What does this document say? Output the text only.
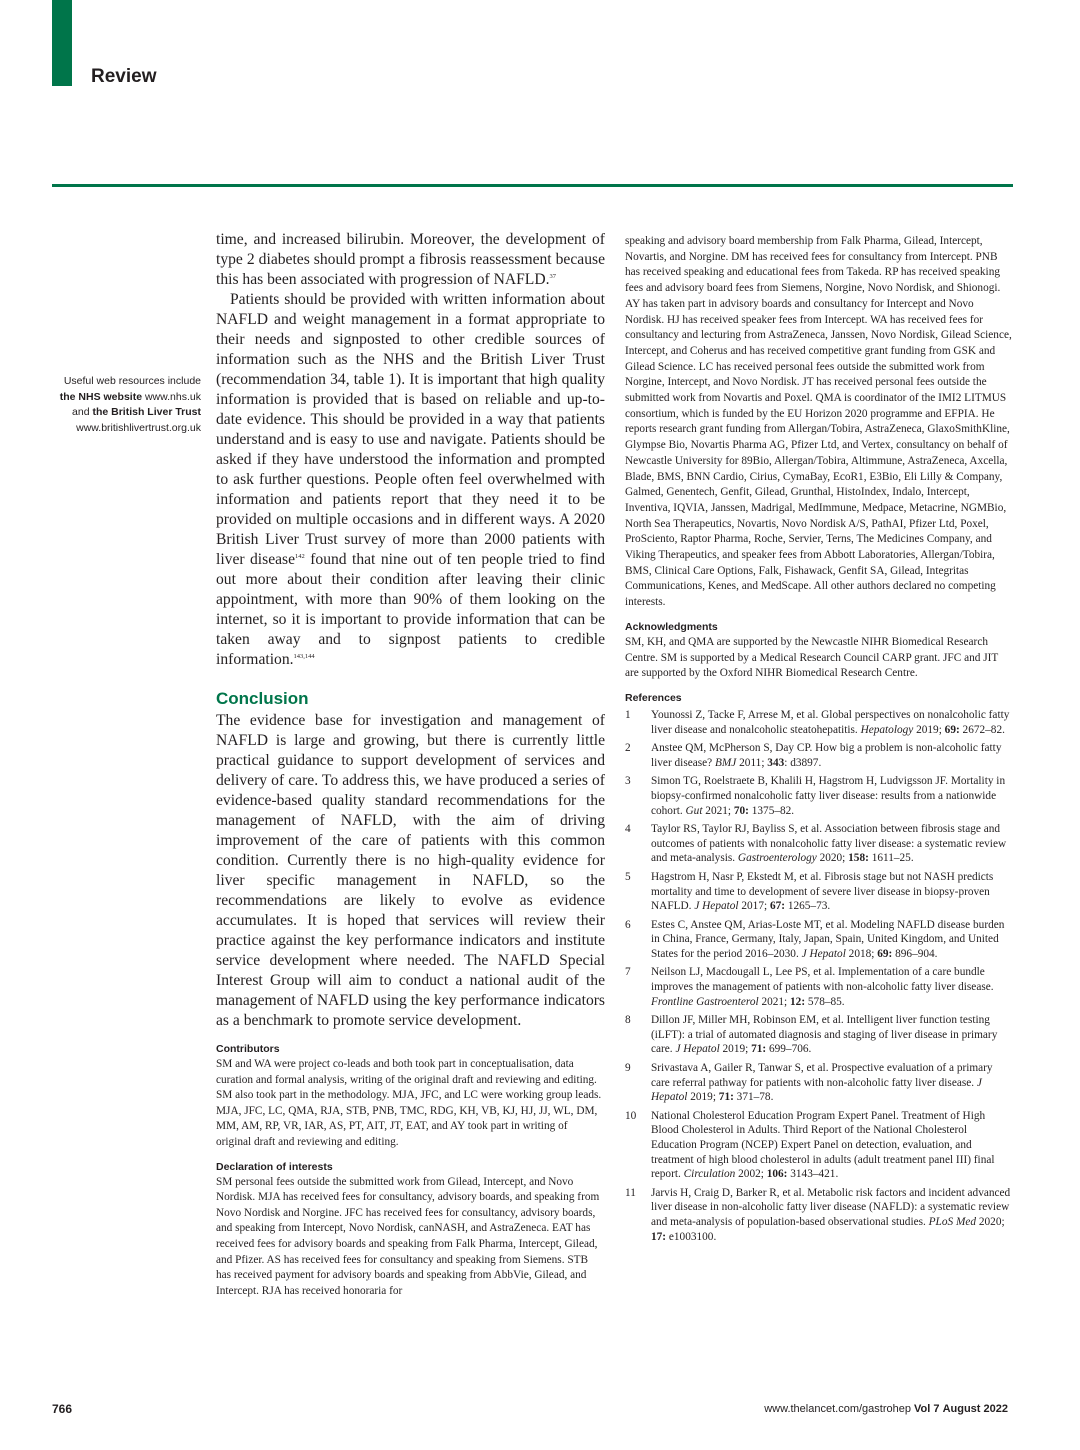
Review
Useful web resources include
the NHS website www.nhs.uk
and the British Liver Trust
www.britishlivertrust.org.uk

time, and increased bilirubin. Moreover, the development of type 2 diabetes should prompt a fibrosis reassessment because this has been associated with progression of NAFLD.$^{37}$

Patients should be provided with written information about NAFLD and weight management in a format appropriate to their needs and signposted to other credible sources of information such as the NHS and the British Liver Trust (recommendation 34, table 1). It is important that high quality information is provided that is based on reliable and up-to-date evidence. This should be provided in a way that patients understand and is easy to use and navigate. Patients should be asked if they have understood the information and prompted to ask further questions. People often feel overwhelmed with information and patients report that they need it to be provided on multiple occasions and in different ways. A 2020 British Liver Trust survey of more than 2000 patients with liver disease$^{142}$ found that nine out of ten people tried to find out more about their condition after leaving their clinic appointment, with more than 90% of them looking on the internet, so it is important to provide information that can be taken away and to signpost patients to credible information.$^{143,144}$

Conclusion

The evidence base for investigation and management of NAFLD is large and growing, but there is currently little practical guidance to support development of services and delivery of care. To address this, we have produced a series of evidence-based quality standard recommendations for the management of NAFLD, with the aim of driving improvement of the care of patients with this common condition. Currently there is no high-quality evidence for liver specific management in NAFLD, so the recommendations are likely to evolve as evidence accumulates. It is hoped that services will review their practice against the key performance indicators and institute service development where needed. The NAFLD Special Interest Group will aim to conduct a national audit of the management of NAFLD using the key performance indicators as a benchmark to promote service development.

Contributors

SM and WA were project co-leads and both took part in conceptualisation, data curation and formal analysis, writing of the original draft and reviewing and editing. SM also took part in the methodology. MJA, JFC, and LC were working group leads. MJA, JFC, LC, QMA, RJA, STB, PNB, TMC, RDG, KH, VB, KJ, HJ, JJ, WL, DM, MM, AM, RP, VR, IAR, AS, PT, AIT, JT, EAT, and AY took part in writing of original draft and reviewing and editing.

Declaration of interests

SM personal fees outside the submitted work from Gilead, Intercept, and Novo Nordisk. MJA has received fees for consultancy, advisory boards, and speaking from Novo Nordisk and Norgine. JFC has received fees for consultancy, advisory boards, and speaking from Intercept, Novo Nordisk, canNASH, and AstraZeneca. EAT has received fees for advisory boards and speaking from Falk Pharma, Intercept, Gilead, and Pfizer. AS has received fees for consultancy and speaking from Siemens. STB has received payment for advisory boards and speaking from AbbVie, Gilead, and Intercept. RJA has received honoraria for

speaking and advisory board membership from Falk Pharma, Gilead, Intercept, Novartis, and Norgine. DM has received fees for consultancy from Intercept. PNB has received speaking and educational fees from Takeda. RP has received speaking fees and advisory board fees from Siemens, Norgine, Novo Nordisk, and Shionogi. AY has taken part in advisory boards and consultancy for Intercept and Novo Nordisk. HJ has received speaker fees from Intercept. WA has received fees for consultancy and lecturing from AstraZeneca, Janssen, Novo Nordisk, Gilead Science, Intercept, and Coherus and has received competitive grant funding from GSK and Gilead Science. LC has received personal fees outside the submitted work from Norgine, Intercept, and Novo Nordisk. JT has received personal fees outside the submitted work from Novartis and Poxel. QMA is coordinator of the IMI2 LITMUS consortium, which is funded by the EU Horizon 2020 programme and EFPIA. He reports research grant funding from Allergan/Tobira, AstraZeneca, GlaxoSmithKline, Glympse Bio, Novartis Pharma AG, Pfizer Ltd, and Vertex, consultancy on behalf of Newcastle University for 89Bio, Allergan/Tobira, Altimmune, AstraZeneca, Axcella, Blade, BMS, BNN Cardio, Cirius, CymaBay, EcoR1, E3Bio, Eli Lilly & Company, Galmed, Genentech, Genfit, Gilead, Grunthal, HistoIndex, Indalo, Intercept, Inventiva, IQVIA, Janssen, Madrigal, MedImmune, Medpace, Metacrine, NGMBio, North Sea Therapeutics, Novartis, Novo Nordisk A/S, PathAI, Pfizer Ltd, Poxel, ProSciento, Raptor Pharma, Roche, Servier, Terns, The Medicines Company, and Viking Therapeutics, and speaker fees from Abbott Laboratories, Allergan/Tobira, BMS, Clinical Care Options, Falk, Fishawack, Genfit SA, Gilead, Integritas Communications, Kenes, and MedScape. All other authors declared no competing interests.

Acknowledgments

SM, KH, and QMA are supported by the Newcastle NIHR Biomedical Research Centre. SM is supported by a Medical Research Council CARP grant. JFC and JIT are supported by the Oxford NIHR Biomedical Research Centre.

References
1	Younossi Z, Tacke F, Arrese M, et al. Global perspectives on nonalcoholic fatty liver disease and nonalcoholic steatohepatitis. Hepatology 2019; 69: 2672–82.
2	Anstee QM, McPherson S, Day CP. How big a problem is non-alcoholic fatty liver disease? BMJ 2011; 343: d3897.
3	Simon TG, Roelstraete B, Khalili H, Hagstrom H, Ludvigsson JF. Mortality in biopsy-confirmed nonalcoholic fatty liver disease: results from a nationwide cohort. Gut 2021; 70: 1375–82.
4	Taylor RS, Taylor RJ, Bayliss S, et al. Association between fibrosis stage and outcomes of patients with nonalcoholic fatty liver disease: a systematic review and meta-analysis. Gastroenterology 2020; 158: 1611–25.
5	Hagstrom H, Nasr P, Ekstedt M, et al. Fibrosis stage but not NASH predicts mortality and time to development of severe liver disease in biopsy-proven NAFLD. J Hepatol 2017; 67: 1265–73.
6	Estes C, Anstee QM, Arias-Loste MT, et al. Modeling NAFLD disease burden in China, France, Germany, Italy, Japan, Spain, United Kingdom, and United States for the period 2016–2030. J Hepatol 2018; 69: 896–904.
7	Neilson LJ, Macdougall L, Lee PS, et al. Implementation of a care bundle improves the management of patients with non-alcoholic fatty liver disease. Frontline Gastroenterol 2021; 12: 578–85.
8	Dillon JF, Miller MH, Robinson EM, et al. Intelligent liver function testing (iLFT): a trial of automated diagnosis and staging of liver disease in primary care. J Hepatol 2019; 71: 699–706.
9	Srivastava A, Gailer R, Tanwar S, et al. Prospective evaluation of a primary care referral pathway for patients with non-alcoholic fatty liver disease. J Hepatol 2019; 71: 371–78.
10	National Cholesterol Education Program Expert Panel. Treatment of High Blood Cholesterol in Adults. Third Report of the National Cholesterol Education Program (NCEP) Expert Panel on detection, evaluation, and treatment of high blood cholesterol in adults (adult treatment panel III) final report. Circulation 2002; 106: 3143–421.
11	Jarvis H, Craig D, Barker R, et al. Metabolic risk factors and incident advanced liver disease in non-alcoholic fatty liver disease (NAFLD): a systematic review and meta-analysis of population-based observational studies. PLoS Med 2020; 17: e1003100.
766	www.thelancet.com/gastrohep Vol 7 August 2022
